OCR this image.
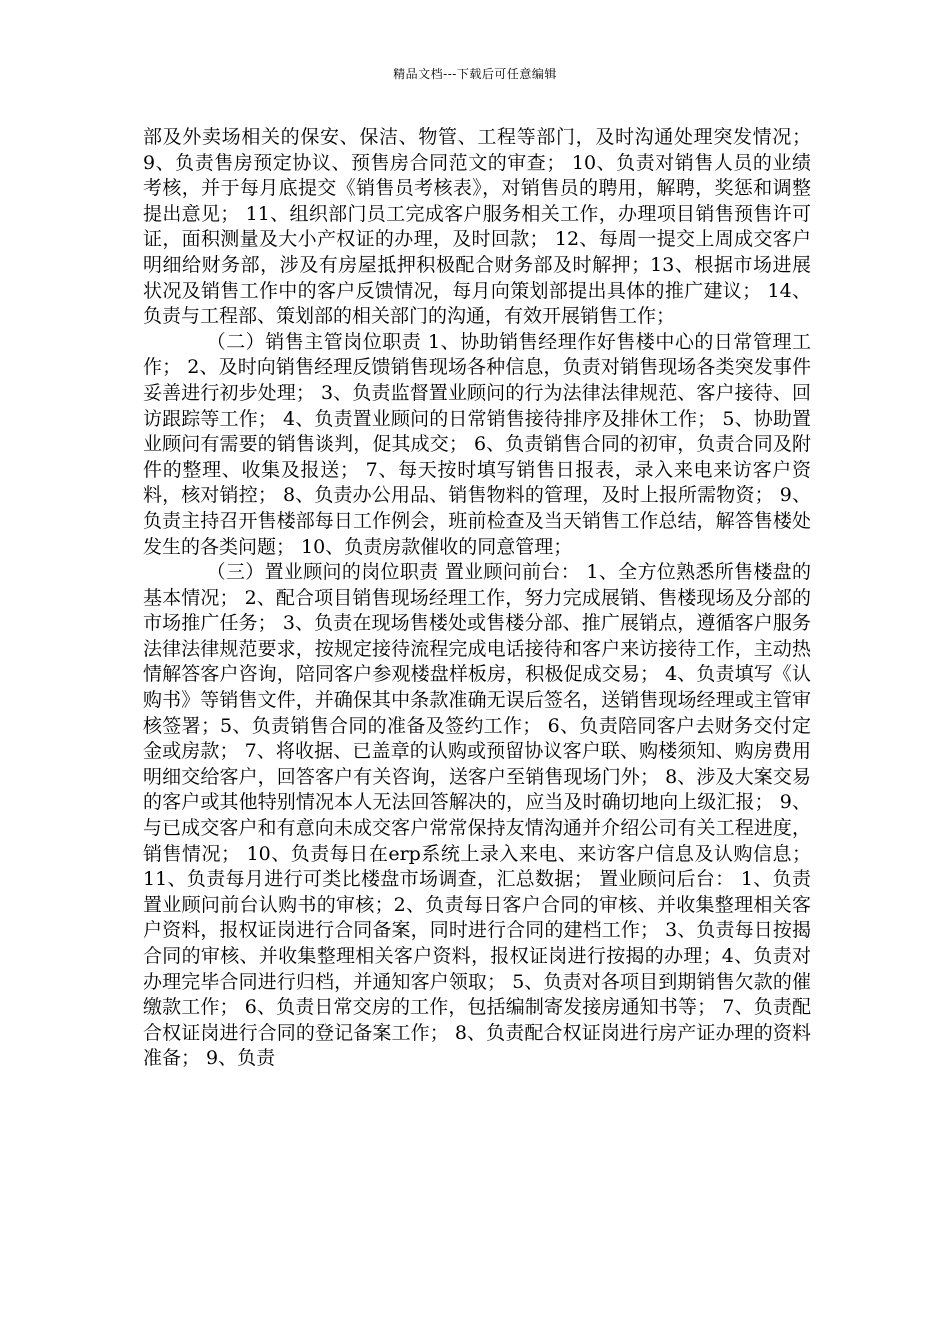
精品文档---下载后可任意编辑

部及外卖场相关的保安、保洁、物管、工程等部门，及时沟通处理突发情况； 9、负责售房预定协议、预售房合同范文的审查； 10、负责对销售人员的业绩考核，并于每月底提交《销售员考核表》，对销售员的聘用，解聘，奖惩和调整提出意见； 11、组织部门员工完成客户服务相关工作，办理项目销售预售许可证，面积测量及大小产权证的办理，及时回款； 12、每周一提交上周成交客户明细给财务部，涉及有房屋抵押积极配合财务部及时解押；13、根据市场进展状况及销售工作中的客户反馈情况，每月向策划部提出具体的推广建议； 14、负责与工程部、策划部的相关部门的沟通，有效开展销售工作；

（二）销售主管岗位职责 1、协助销售经理作好售楼中心的日常管理工作； 2、及时向销售经理反馈销售现场各种信息，负责对销售现场各类突发事件妥善进行初步处理； 3、负责监督置业顾问的行为法律法律规范、客户接待、回访跟踪等工作； 4、负责置业顾问的日常销售接待排序及排休工作； 5、协助置业顾问有需要的销售谈判，促其成交； 6、负责销售合同的初审，负责合同及附件的整理、收集及报送； 7、每天按时填写销售日报表，录入来电来访客户资料，核对销控； 8、负责办公用品、销售物料的管理，及时上报所需物资； 9、负责主持召开售楼部每日工作例会，班前检查及当天销售工作总结，解答售楼处发生的各类问题； 10、负责房款催收的同意管理；

（三）置业顾问的岗位职责 置业顾问前台： 1、全方位熟悉所售楼盘的基本情况； 2、配合项目销售现场经理工作，努力完成展销、售楼现场及分部的市场推广任务； 3、负责在现场售楼处或售楼分部、推广展销点，遵循客户服务法律法律规范要求，按规定接待流程完成电话接待和客户来访接待工作，主动热情解答客户咨询，陪同客户参观楼盘样板房，积极促成交易； 4、负责填写《认购书》等销售文件，并确保其中条款准确无误后签名，送销售现场经理或主管审核签署；5、负责销售合同的准备及签约工作； 6、负责陪同客户去财务交付定金或房款； 7、将收据、已盖章的认购或预留协议客户联、购楼须知、购房费用明细交给客户，回答客户有关咨询，送客户至销售现场门外； 8、涉及大案交易的客户或其他特别情况本人无法回答解决的，应当及时确切地向上级汇报； 9、与已成交客户和有意向未成交客户常常保持友情沟通并介绍公司有关工程进度，销售情况； 10、负责每日在erp系统上录入来电、来访客户信息及认购信息； 11、负责每月进行可类比楼盘市场调查，汇总数据； 置业顾问后台： 1、负责置业顾问前台认购书的审核；2、负责每日客户合同的审核、并收集整理相关客户资料，报权证岗进行合同备案，同时进行合同的建档工作； 3、负责每日按揭合同的审核、并收集整理相关客户资料，报权证岗进行按揭的办理；4、负责对办理完毕合同进行归档，并通知客户领取； 5、负责对各项目到期销售欠款的催缴款工作； 6、负责日常交房的工作，包括编制寄发接房通知书等； 7、负责配合权证岗进行合同的登记备案工作； 8、负责配合权证岗进行房产证办理的资料准备； 9、负责
